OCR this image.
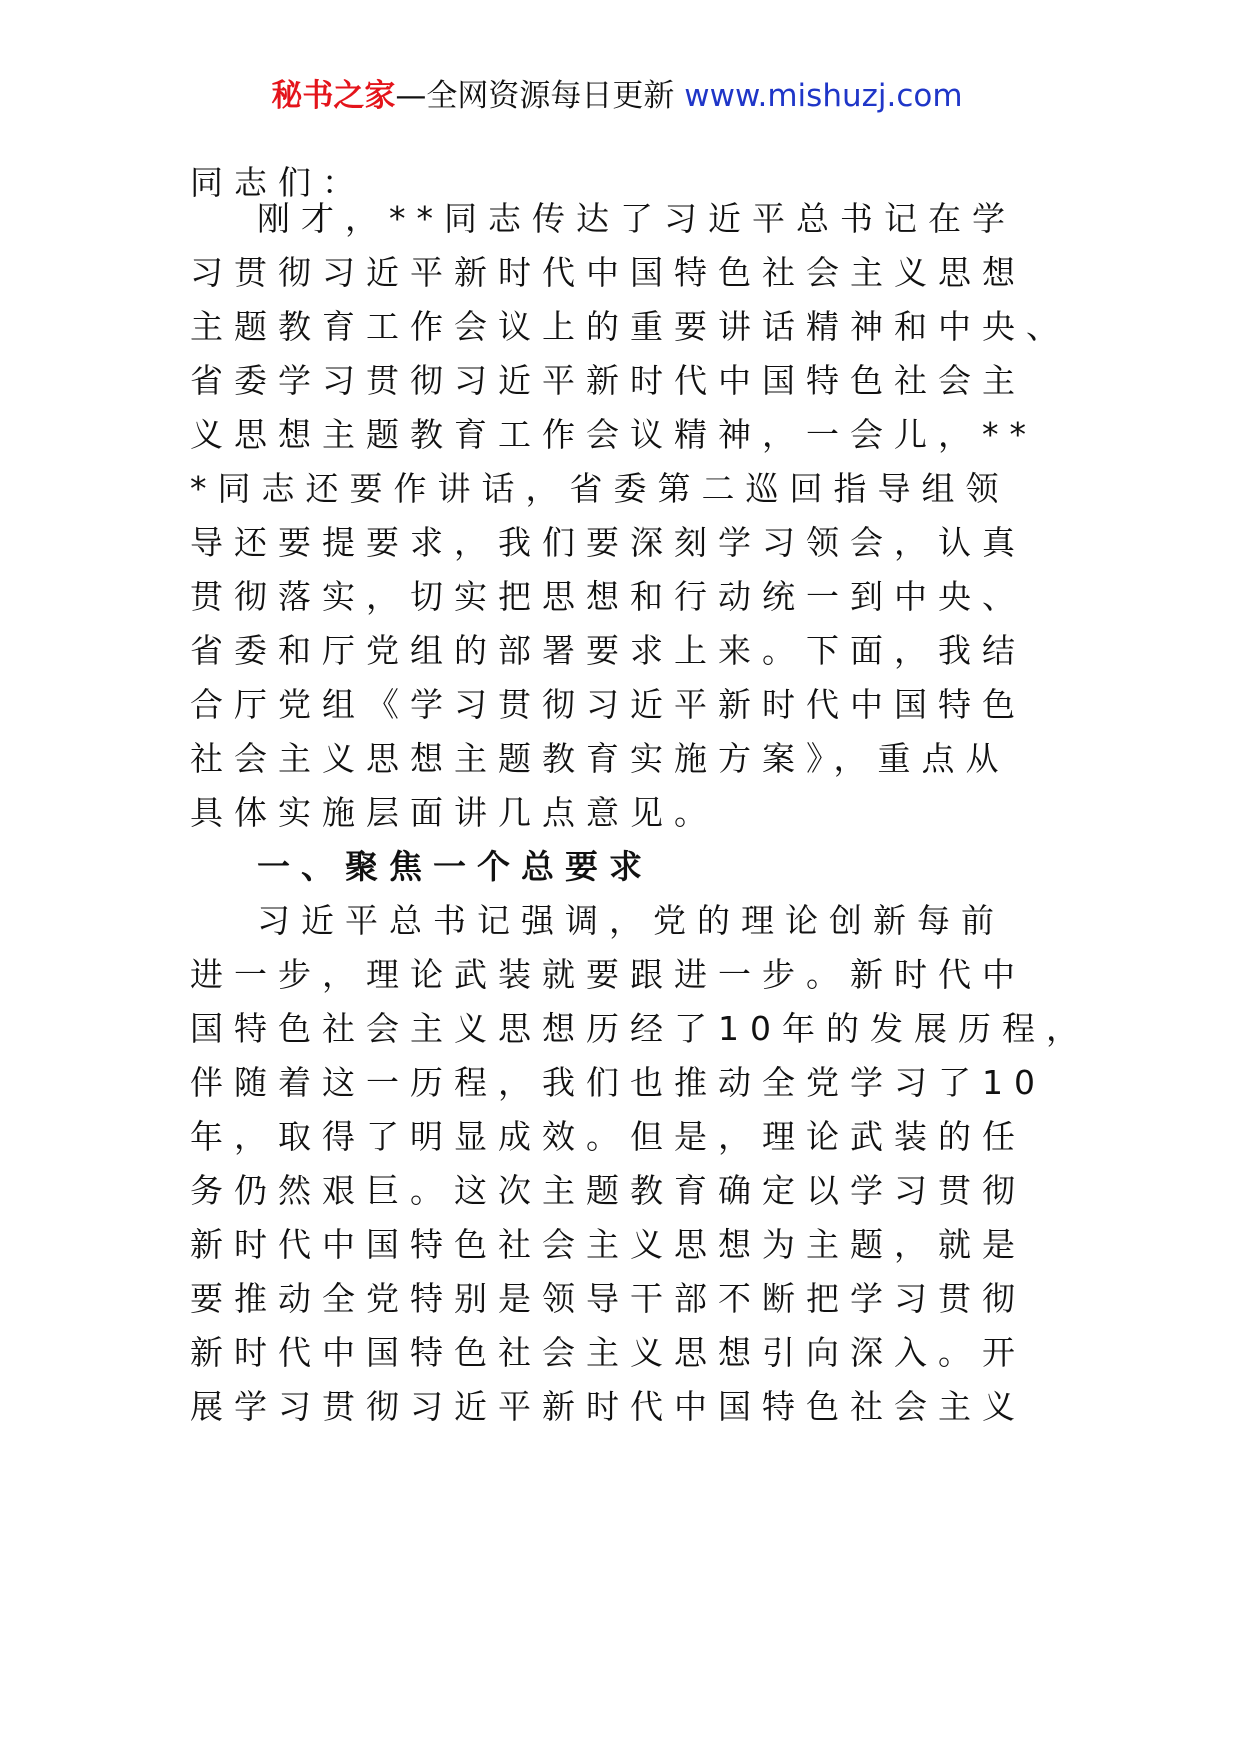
秘书之家—全网资源每日更新 www.mishuzj.com
同志们：
刚才，**同志传达了习近平总书记在学
习贯彻习近平新时代中国特色社会主义思想
主题教育工作会议上的重要讲话精神和中央、
省委学习贯彻习近平新时代中国特色社会主
义思想主题教育工作会议精神，一会儿，**
*同志还要作讲话，省委第二巡回指导组领
导还要提要求，我们要深刻学习领会，认真
贯彻落实，切实把思想和行动统一到中央、
省委和厅党组的部署要求上来。下面，我结
合厅党组《学习贯彻习近平新时代中国特色
社会主义思想主题教育实施方案》，重点从
具体实施层面讲几点意见。
一、聚焦一个总要求
习近平总书记强调，党的理论创新每前
进一步，理论武装就要跟进一步。新时代中
国特色社会主义思想历经了10年的发展历程，
伴随着这一历程，我们也推动全党学习了10
年，取得了明显成效。但是，理论武装的任
务仍然艰巨。这次主题教育确定以学习贯彻
新时代中国特色社会主义思想为主题，就是
要推动全党特别是领导干部不断把学习贯彻
新时代中国特色社会主义思想引向深入。开
展学习贯彻习近平新时代中国特色社会主义
